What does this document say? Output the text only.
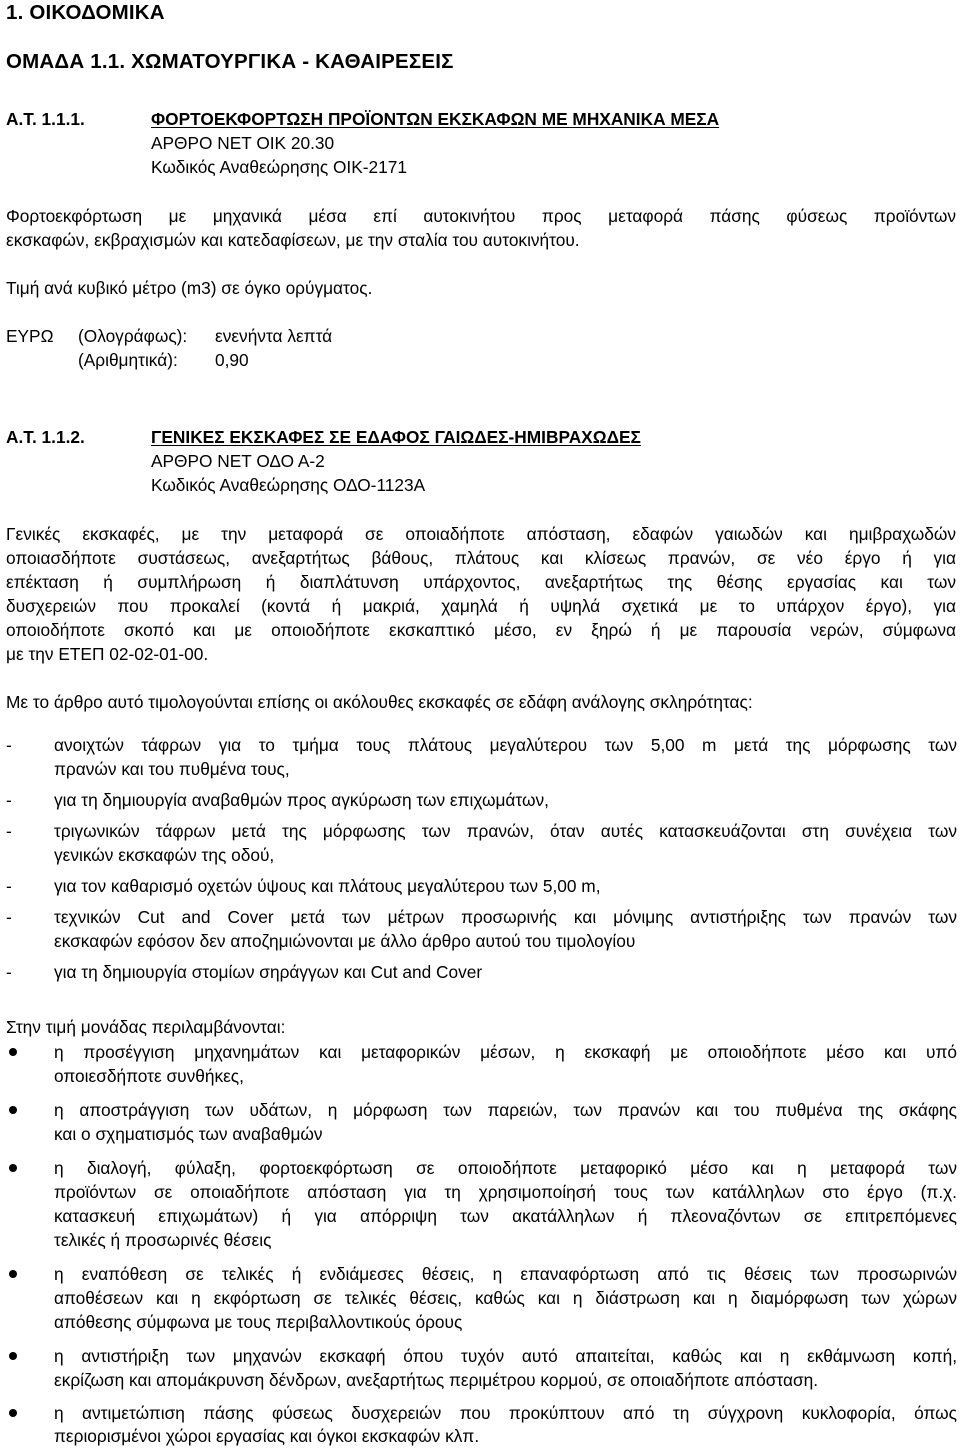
1. ΟΙΚΟΔΟΜΙΚΑ
ΟΜΑΔΑ 1.1. ΧΩΜΑΤΟΥΡΓΙΚΑ - ΚΑΘΑΙΡΕΣΕΙΣ
Α.Τ. 1.1.1.	ΦΟΡΤΟΕΚΦΟΡΤΩΣΗ ΠΡΟΪΟΝΤΩΝ ΕΚΣΚΑΦΩΝ ΜΕ ΜΗΧΑΝΙΚΑ ΜΕΣΑ
ΑΡΘΡΟ ΝΕΤ ΟΙΚ 20.30
Κωδικός Αναθεώρησης ΟΙΚ-2171
Φορτοεκφόρτωση με μηχανικά μέσα επί αυτοκινήτου προς μεταφορά πάσης φύσεως προϊόντων
εκσκαφών, εκβραχισμών και κατεδαφίσεων, με την σταλία του αυτοκινήτου.
Τιμή ανά κυβικό μέτρο (m3) σε όγκο ορύγματος.
ΕΥΡΩ (Ολογράφως): ενενήντα λεπτά
(Αριθμητικά): 0,90
Α.Τ. 1.1.2.	ΓΕΝΙΚΕΣ ΕΚΣΚΑΦΕΣ ΣΕ ΕΔΑΦΟΣ ΓΑΙΩΔΕΣ-ΗΜΙΒΡΑΧΩΔΕΣ
ΑΡΘΡΟ ΝΕΤ ΟΔΟ Α-2
Κωδικός Αναθεώρησης ΟΔΟ-1123Α
Γενικές εκσκαφές, με την μεταφορά σε οποιαδήποτε απόσταση, εδαφών γαιωδών και ημιβραχωδών
οποιασδήποτε συστάσεως, ανεξαρτήτως βάθους, πλάτους και κλίσεως πρανών, σε νέο έργο ή για
επέκταση ή συμπλήρωση ή διαπλάτυνση υπάρχοντος, ανεξαρτήτως της θέσης εργασίας και των
δυσχερειών που προκαλεί (κοντά ή μακριά, χαμηλά ή υψηλά σχετικά με το υπάρχον έργο), για
οποιοδήποτε σκοπό και με οποιοδήποτε εκσκαπτικό μέσο, εν ξηρώ ή με παρουσία νερών, σύμφωνα
με την ΕΤΕΠ 02-02-01-00.
Με το άρθρο αυτό τιμολογούνται επίσης οι ακόλουθες εκσκαφές σε εδάφη ανάλογης σκληρότητας:
- ανοιχτών τάφρων για το τμήμα τους πλάτους μεγαλύτερου των 5,00 m μετά της μόρφωσης των
πρανών και του πυθμένα τους,
- για τη δημιουργία αναβαθμών προς αγκύρωση των επιχωμάτων,
- τριγωνικών τάφρων μετά της μόρφωσης των πρανών, όταν αυτές κατασκευάζονται στη συνέχεια των
γενικών εκσκαφών της οδού,
- για τον καθαρισμό οχετών ύψους και πλάτους μεγαλύτερου των 5,00 m,
- τεχνικών Cut and Cover μετά των μέτρων προσωρινής και μόνιμης αντιστήριξης των πρανών των
εκσκαφών εφόσον δεν αποζημιώνονται με άλλο άρθρο αυτού του τιμολογίου
- για τη δημιουργία στομίων σηράγγων και Cut and Cover
Στην τιμή μονάδας περιλαμβάνονται:
η προσέγγιση μηχανημάτων και μεταφορικών μέσων, η εκσκαφή με οποιοδήποτε μέσο και υπό
οποιεσδήποτε συνθήκες,
η αποστράγγιση των υδάτων, η μόρφωση των παρειών, των πρανών και του πυθμένα της σκάφης
και ο σχηματισμός των αναβαθμών
η διαλογή, φύλαξη, φορτοεκφόρτωση σε οποιοδήποτε μεταφορικό μέσο και η μεταφορά των
προϊόντων σε οποιαδήποτε απόσταση για τη χρησιμοποίησή τους των κατάλληλων στο έργο (π.χ.
κατασκευή επιχωμάτων) ή για απόρριψη των ακατάλληλων ή πλεοναζόντων σε επιτρεπόμενες
τελικές ή προσωρινές θέσεις
η εναπόθεση σε τελικές ή ενδιάμεσες θέσεις, η επαναφόρτωση από τις θέσεις των προσωρινών
αποθέσεων και η εκφόρτωση σε τελικές θέσεις, καθώς και η διάστρωση και η διαμόρφωση των χώρων
απόθεσης σύμφωνα με τους περιβαλλοντικούς όρους
η αντιστήριξη των μηχανών εκσκαφή όπου τυχόν αυτό απαιτείται, καθώς και η εκθάμνωση κοπή,
εκρίζωση και απομάκρυνση δένδρων, ανεξαρτήτως περιμέτρου κορμού, σε οποιαδήποτε απόσταση.
η αντιμετώπιση πάσης φύσεως δυσχερειών που προκύπτουν από τη σύγχρονη κυκλοφορία, όπως
περιορισμένοι χώροι εργασίας και όγκοι εκσκαφών κλπ.
